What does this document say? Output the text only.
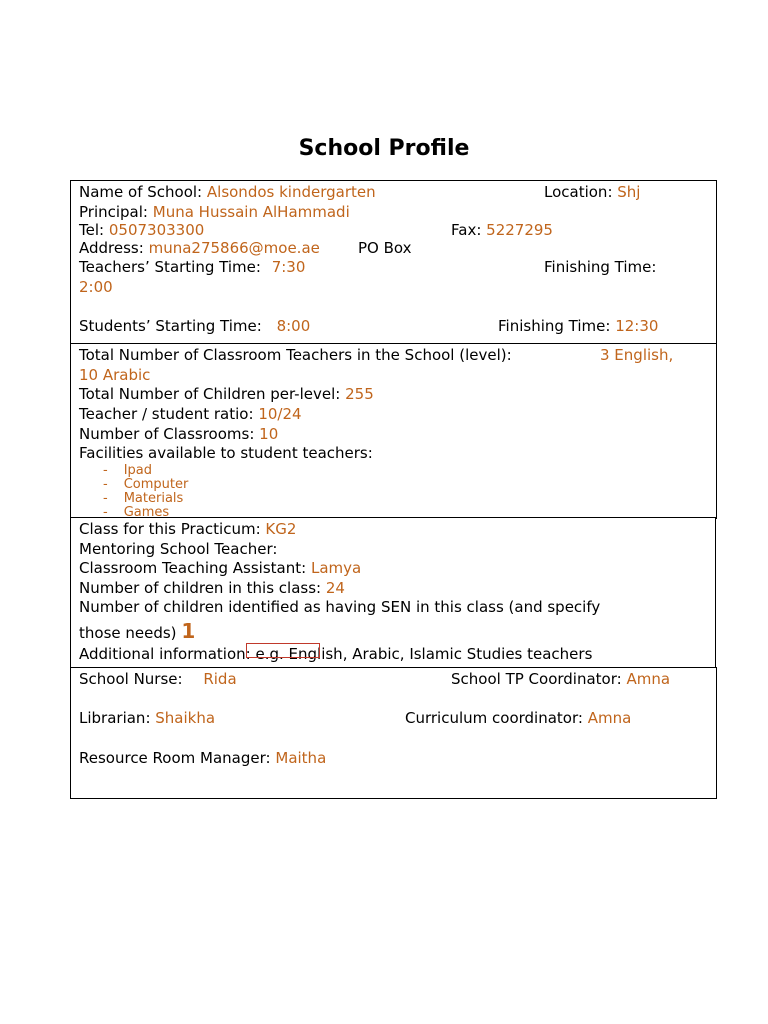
School Profile
Name of School: Alsondos kindergarten	Location: Shj
Principal: Muna Hussain AlHammadi
Tel: 0507303300	Fax: 5227295
Address: muna275866@moe.ae	PO Box
Teachers’ Starting Time: 7:30	Finishing Time:
2:00
Students’ Starting Time: 8:00	Finishing Time: 12:30
Total Number of Classroom Teachers in the School (level):	3 English,
10 Arabic
Total Number of Children per-level: 255
Teacher / student ratio: 10/24
Number of Classrooms: 10
Facilities available to student teachers:
- Ipad
- Computer
- Materials
- Games
Class for this Practicum: KG2
Mentoring School Teacher:
Classroom Teaching Assistant: Lamya
Number of children in this class: 24
Number of children identified as having SEN in this class (and specify
those needs) 1
Additional information: e.g. English, Arabic, Islamic Studies teachers
School Nurse: Rida	School TP Coordinator: Amna
Librarian: Shaikha	Curriculum coordinator: Amna
Resource Room Manager: Maitha
